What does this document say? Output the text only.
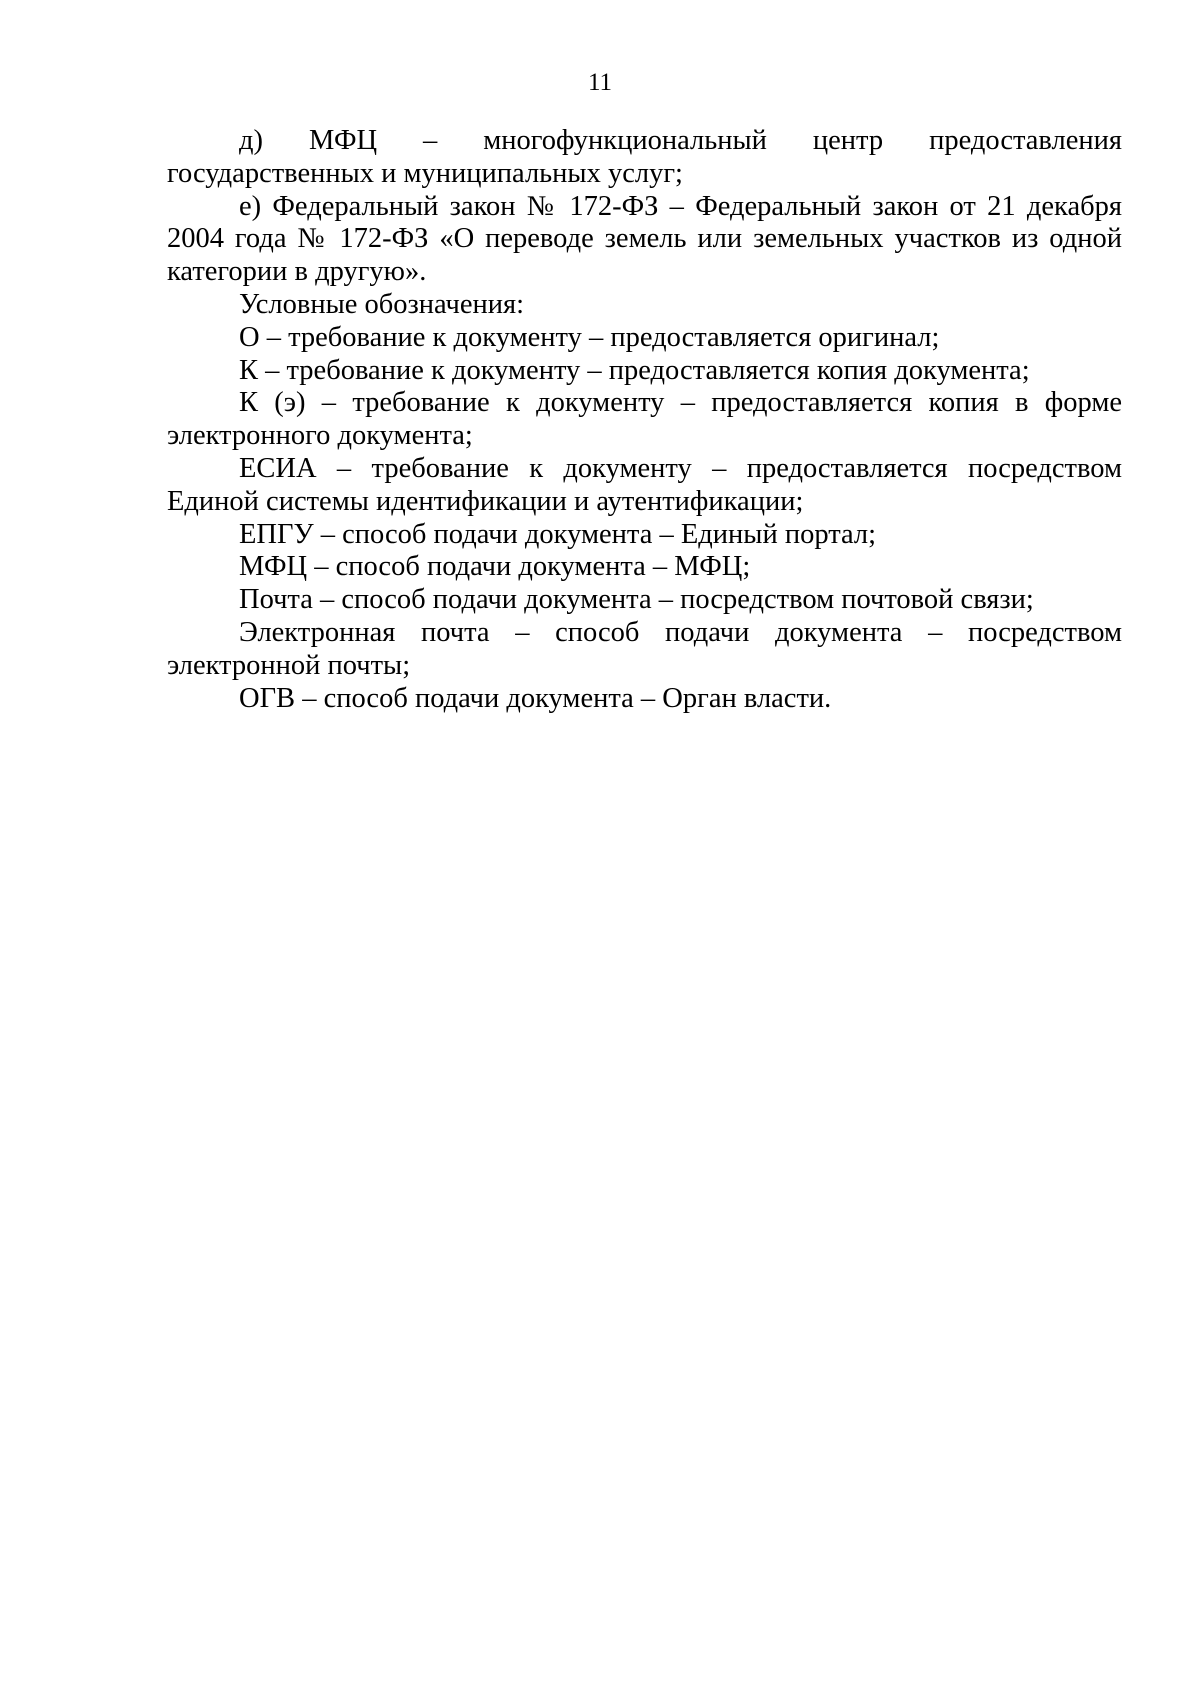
11

д) МФЦ – многофункциональный центр предоставления государственных и муниципальных услуг;

е) Федеральный закон № 172-ФЗ – Федеральный закон от 21 декабря 2004 года № 172-ФЗ «О переводе земель или земельных участков из одной категории в другую».

Условные обозначения:

О – требование к документу – предоставляется оригинал;

К – требование к документу – предоставляется копия документа;

К (э) – требование к документу – предоставляется копия в форме электронного документа;

ЕСИА – требование к документу – предоставляется посредством Единой системы идентификации и аутентификации;

ЕПГУ – способ подачи документа – Единый портал;

МФЦ – способ подачи документа – МФЦ;

Почта – способ подачи документа – посредством почтовой связи;

Электронная почта – способ подачи документа – посредством электронной почты;

ОГВ – способ подачи документа – Орган власти.
